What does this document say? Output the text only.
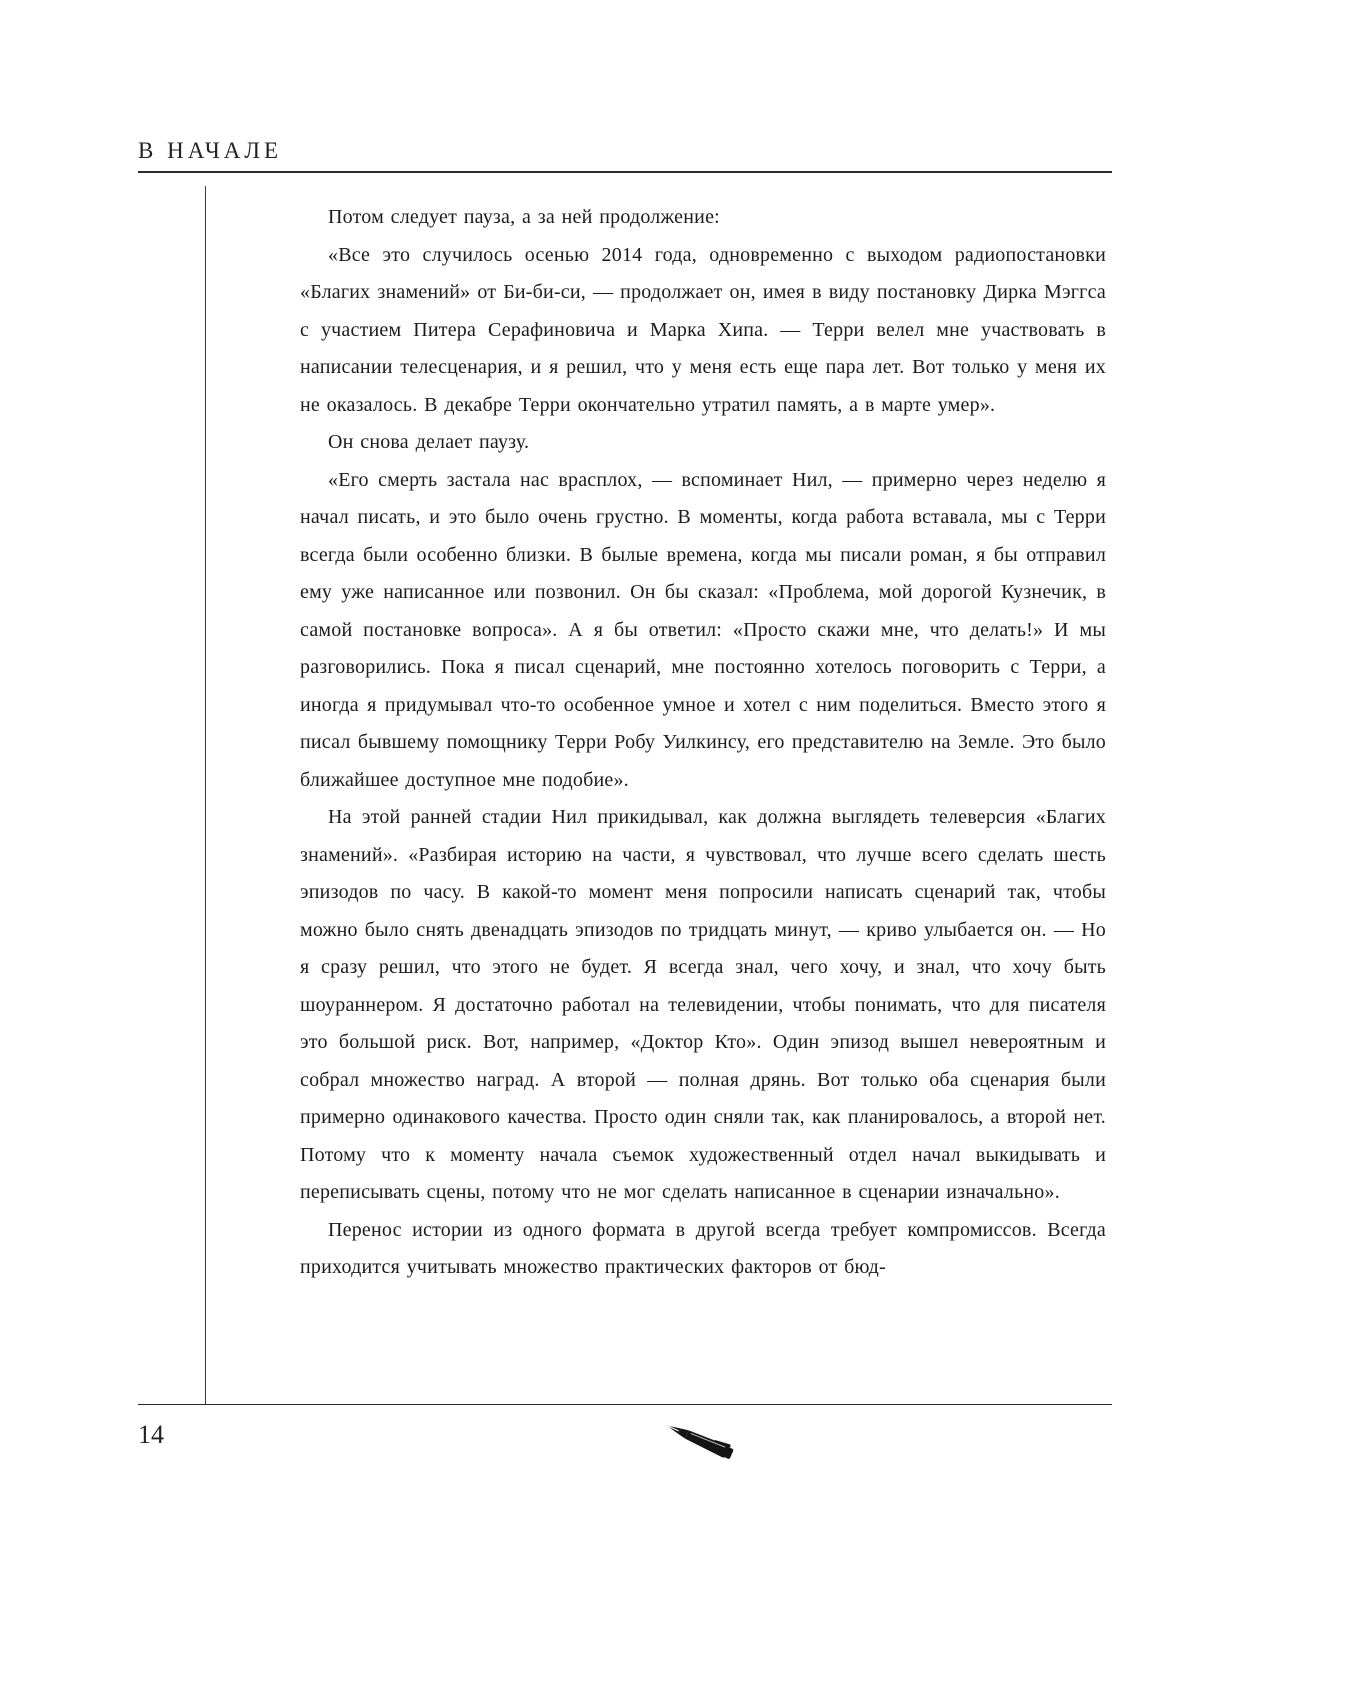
В НАЧАЛЕ

Потом следует пауза, а за ней продолжение:

«Все это случилось осенью 2014 года, одновременно с выходом радиопостановки «Благих знамений» от Би-би-си, — продолжает он, имея в виду постановку Дирка Мэггса с участием Питера Серафиновича и Марка Хипа. — Терри велел мне участвовать в написании телесценария, и я решил, что у меня есть еще пара лет. Вот только у меня их не оказалось. В декабре Терри окончательно утратил память, а в марте умер».

Он снова делает паузу.

«Его смерть застала нас врасплох, — вспоминает Нил, — примерно через неделю я начал писать, и это было очень грустно. В моменты, когда работа вставала, мы с Терри всегда были особенно близки. В былые времена, когда мы писали роман, я бы отправил ему уже написанное или позвонил. Он бы сказал: «Проблема, мой дорогой Кузнечик, в самой постановке вопроса». А я бы ответил: «Просто скажи мне, что делать!» И мы разговорились. Пока я писал сценарий, мне постоянно хотелось поговорить с Терри, а иногда я придумывал что-то особенное умное и хотел с ним поделиться. Вместо этого я писал бывшему помощнику Терри Робу Уилкинсу, его представителю на Земле. Это было ближайшее доступное мне подобие».

На этой ранней стадии Нил прикидывал, как должна выглядеть телеверсия «Благих знамений». «Разбирая историю на части, я чувствовал, что лучше всего сделать шесть эпизодов по часу. В какой-то момент меня попросили написать сценарий так, чтобы можно было снять двенадцать эпизодов по тридцать минут, — криво улыбается он. — Но я сразу решил, что этого не будет. Я всегда знал, чего хочу, и знал, что хочу быть шоураннером. Я достаточно работал на телевидении, чтобы понимать, что для писателя это большой риск. Вот, например, «Доктор Кто». Один эпизод вышел невероятным и собрал множество наград. А второй — полная дрянь. Вот только оба сценария были примерно одинакового качества. Просто один сняли так, как планировалось, а второй нет. Потому что к моменту начала съемок художественный отдел начал выкидывать и переписывать сцены, потому что не мог сделать написанное в сценарии изначально».

Перенос истории из одного формата в другой всегда требует компромиссов. Всегда приходится учитывать множество практических факторов от бюд-

14
